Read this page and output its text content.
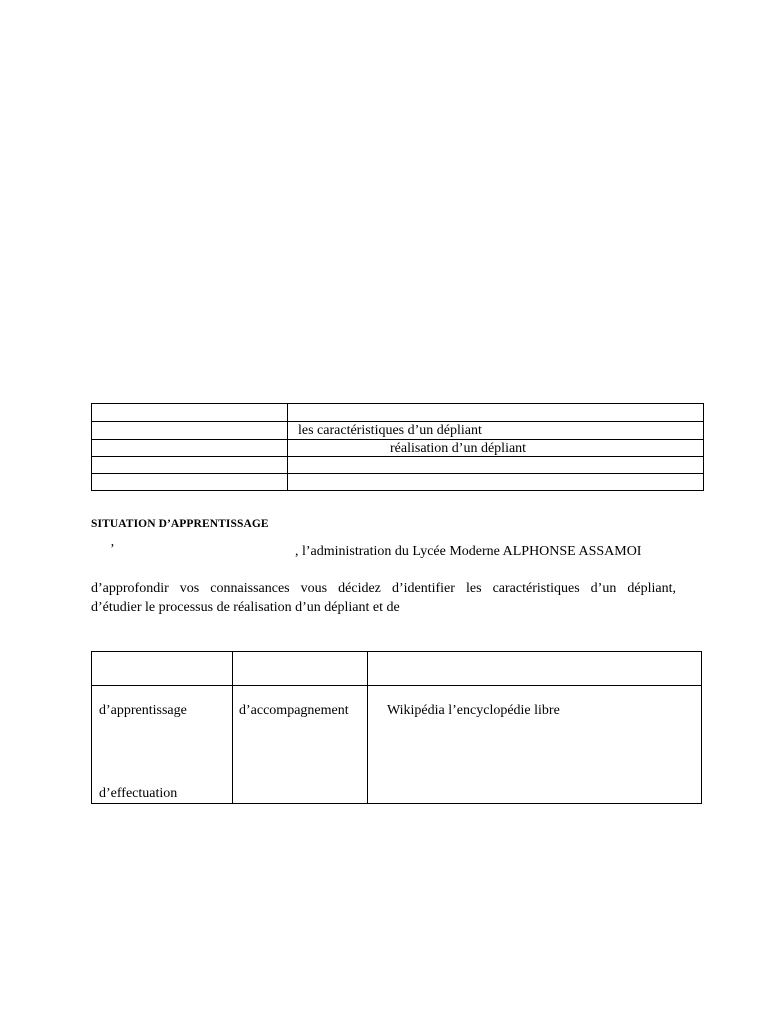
	les caractéristiques d’un dépliant
	réalisation d’un dépliant

SITUATION D’APPRENTISSAGE
’	, l’administration du Lycée Moderne ALPHONSE ASSAMOI
d’approfondir vos connaissances vous décidez d’identifier les caractéristiques d’un dépliant,
d’étudier le processus de réalisation d’un dépliant et de

d’apprentissage
d’effectuation	d’accompagnement	Wikipédia l’encyclopédie libre
